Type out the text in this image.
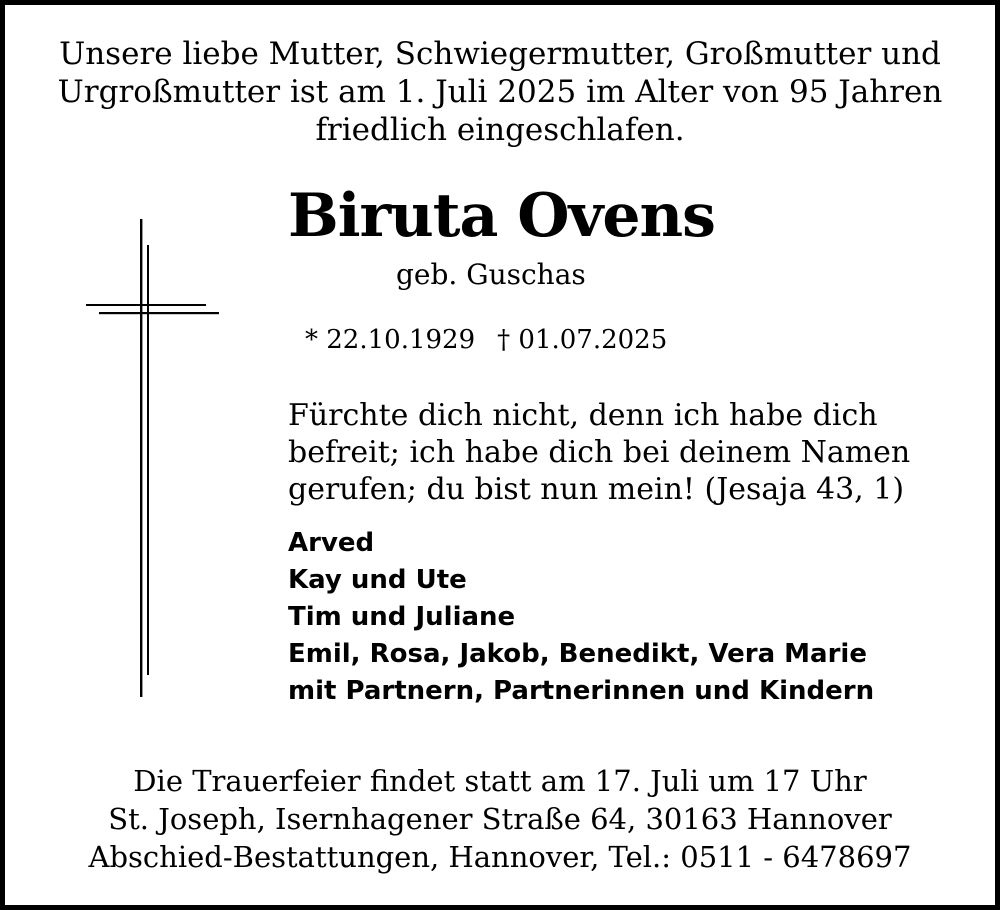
Unsere liebe Mutter, Schwiegermutter, Großmutter und
Urgroßmutter ist am 1. Juli 2025 im Alter von 95 Jahren
friedlich eingeschlafen.
Biruta Ovens
geb. Guschas
* 22.10.1929 † 01.07.2025
Fürchte dich nicht, denn ich habe dich befreit; ich habe dich bei deinem Namen gerufen; du bist nun mein! (Jesaja 43, 1)
Arved
Kay und Ute
Tim und Juliane
Emil, Rosa, Jakob, Benedikt, Vera Marie
mit Partnern, Partnerinnen und Kindern
Die Trauerfeier findet statt am 17. Juli um 17 Uhr
St. Joseph, Isernhagener Straße 64, 30163 Hannover
Abschied-Bestattungen, Hannover, Tel.: 0511 - 6478697
